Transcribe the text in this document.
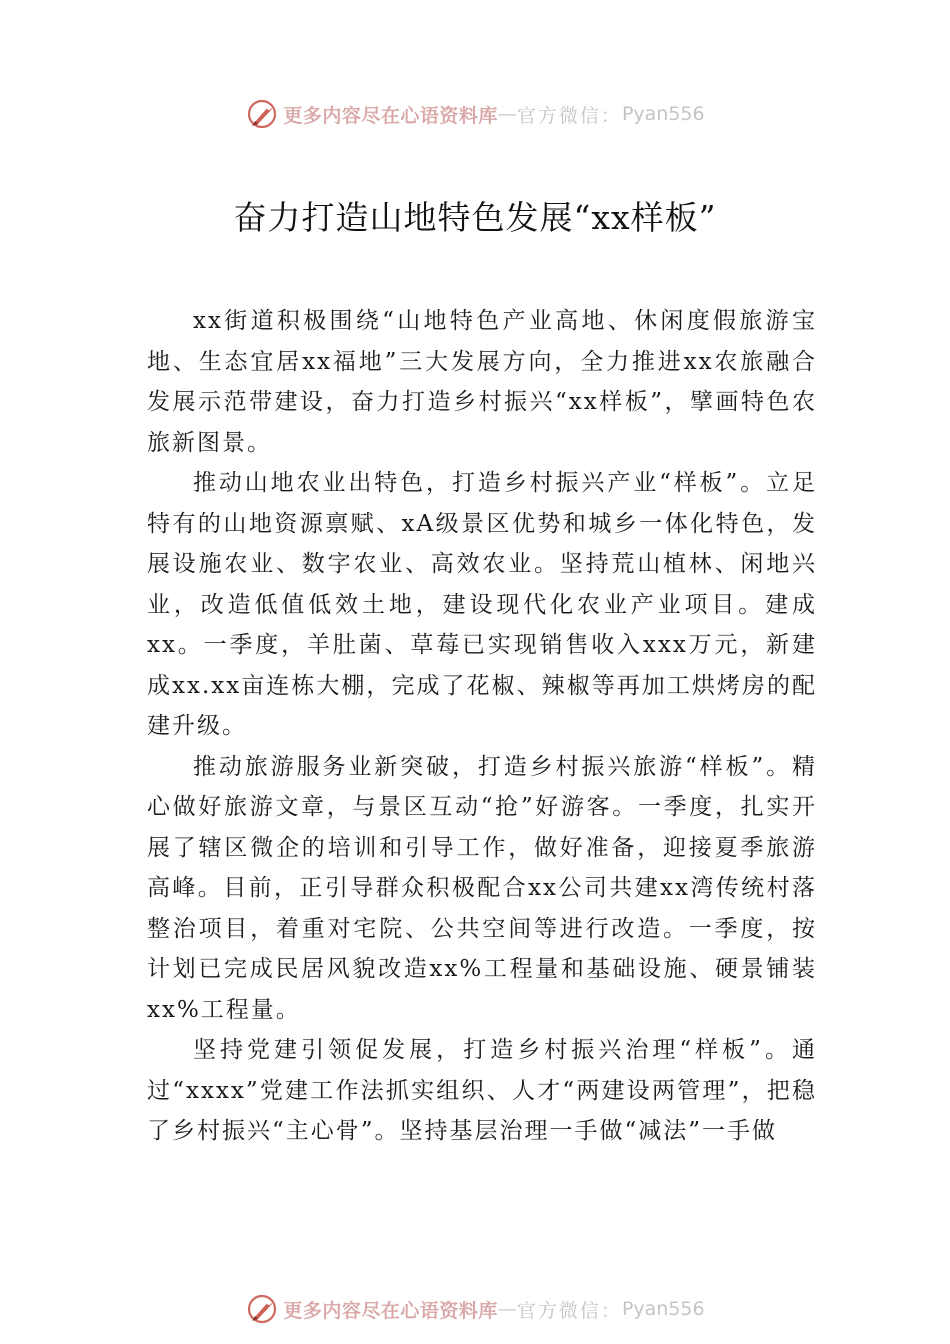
更多内容尽在心语资料库 — 官方微信： Pyan556
奋力打造山地特色发展“xx样板”

xx街道积极围绕“山地特色产业高地、休闲度假旅游宝地、生态宜居xx福地”三大发展方向，全力推进xx农旅融合发展示范带建设，奋力打造乡村振兴“xx样板”，擘画特色农旅新图景。

推动山地农业出特色，打造乡村振兴产业“样板”。立足特有的山地资源禀赋、xA级景区优势和城乡一体化特色，发展设施农业、数字农业、高效农业。坚持荒山植林、闲地兴业，改造低值低效土地，建设现代化农业产业项目。建成xx。一季度，羊肚菌、草莓已实现销售收入xxx万元，新建成xx.xx亩连栋大棚，完成了花椒、辣椒等再加工烘烤房的配建升级。

推动旅游服务业新突破，打造乡村振兴旅游“样板”。精心做好旅游文章，与景区互动“抢”好游客。一季度，扎实开展了辖区微企的培训和引导工作，做好准备，迎接夏季旅游高峰。目前，正引导群众积极配合xx公司共建xx湾传统村落整治项目，着重对宅院、公共空间等进行改造。一季度，按计划已完成民居风貌改造xx%工程量和基础设施、硬景铺装xx%工程量。

坚持党建引领促发展，打造乡村振兴治理“样板”。通过“xxxx”党建工作法抓实组织、人才“两建设两管理”，把稳了乡村振兴“主心骨”。坚持基层治理一手做“减法”一手做

更多内容尽在心语资料库 — 官方微信： Pyan556
